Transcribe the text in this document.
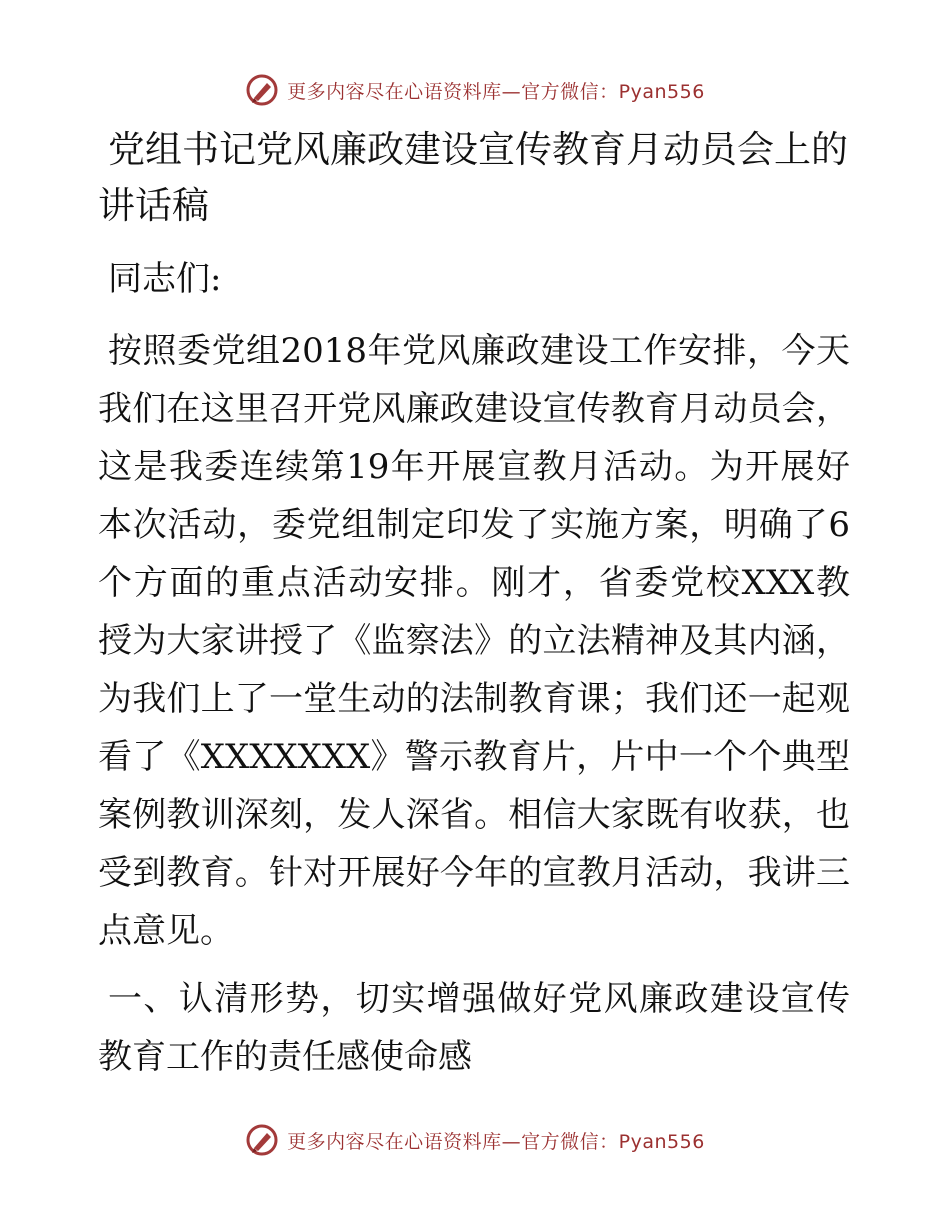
更多内容尽在心语资料库—官方微信：Pyan556
党组书记党风廉政建设宣传教育月动员会上的讲话稿

同志们:

按照委党组2018年党风廉政建设工作安排，今天我们在这里召开党风廉政建设宣传教育月动员会，这是我委连续第19年开展宣教月活动。为开展好本次活动，委党组制定印发了实施方案，明确了6个方面的重点活动安排。刚才，省委党校XXX教授为大家讲授了《监察法》的立法精神及其内涵，为我们上了一堂生动的法制教育课；我们还一起观看了《XXXXXXX》警示教育片，片中一个个典型案例教训深刻，发人深省。相信大家既有收获，也受到教育。针对开展好今年的宣教月活动，我讲三点意见。

一、认清形势，切实增强做好党风廉政建设宣传教育工作的责任感使命感

更多内容尽在心语资料库—官方微信：Pyan556
